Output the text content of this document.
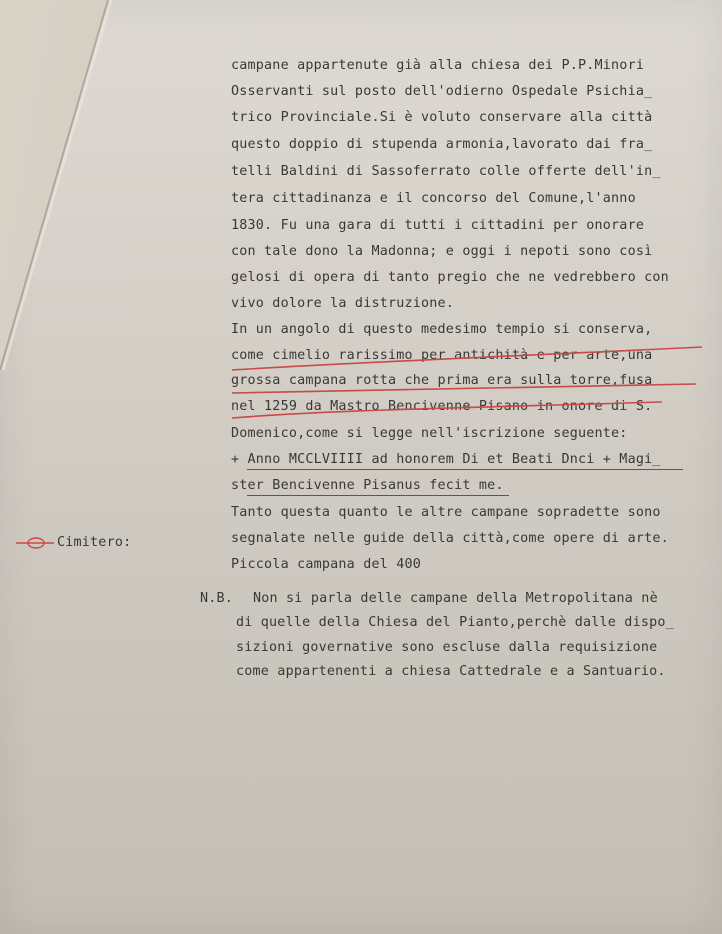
campane appartenute già alla chiesa dei P.P.Minori
Osservanti sul posto dell'odierno Ospedale Psichia_
trico Provinciale.Si è voluto conservare alla città
questo doppio di stupenda armonia,lavorato dai fra_
telli Baldini di Sassoferrato colle offerte dell'in_
tera cittadinanza e il concorso del Comune,l'anno
1830. Fu una gara di tutti i cittadini per onorare
con tale dono la Madonna; e oggi i nepoti sono così
gelosi di opera di tanto pregio che ne vedrebbero con
vivo dolore la distruzione.
In un angolo di questo medesimo tempio si conserva,
come cimelio rarissimo per antichità e per arte,una
grossa campana rotta che prima era sulla torre,fusa
nel 1259 da Mastro Bencivenne Pisano in onore di S.
Domenico,come si legge nell'iscrizione seguente:
+ Anno MCCLVIIII ad honorem Di et Beati Dnci + Magi_
ster Bencivenne Pisanus fecit me.
Tanto questa quanto le altre campane sopradette sono
segnalate nelle guide della città,come opere di arte.
Piccola campana del 400
Cimitero:
N.B. Non si parla delle campane della Metropolitana nè
di quelle della Chiesa del Pianto,perchè dalle dispo_
sizioni governative sono escluse dalla requisizione
come appartenenti a chiesa Cattedrale e a Santuario.
